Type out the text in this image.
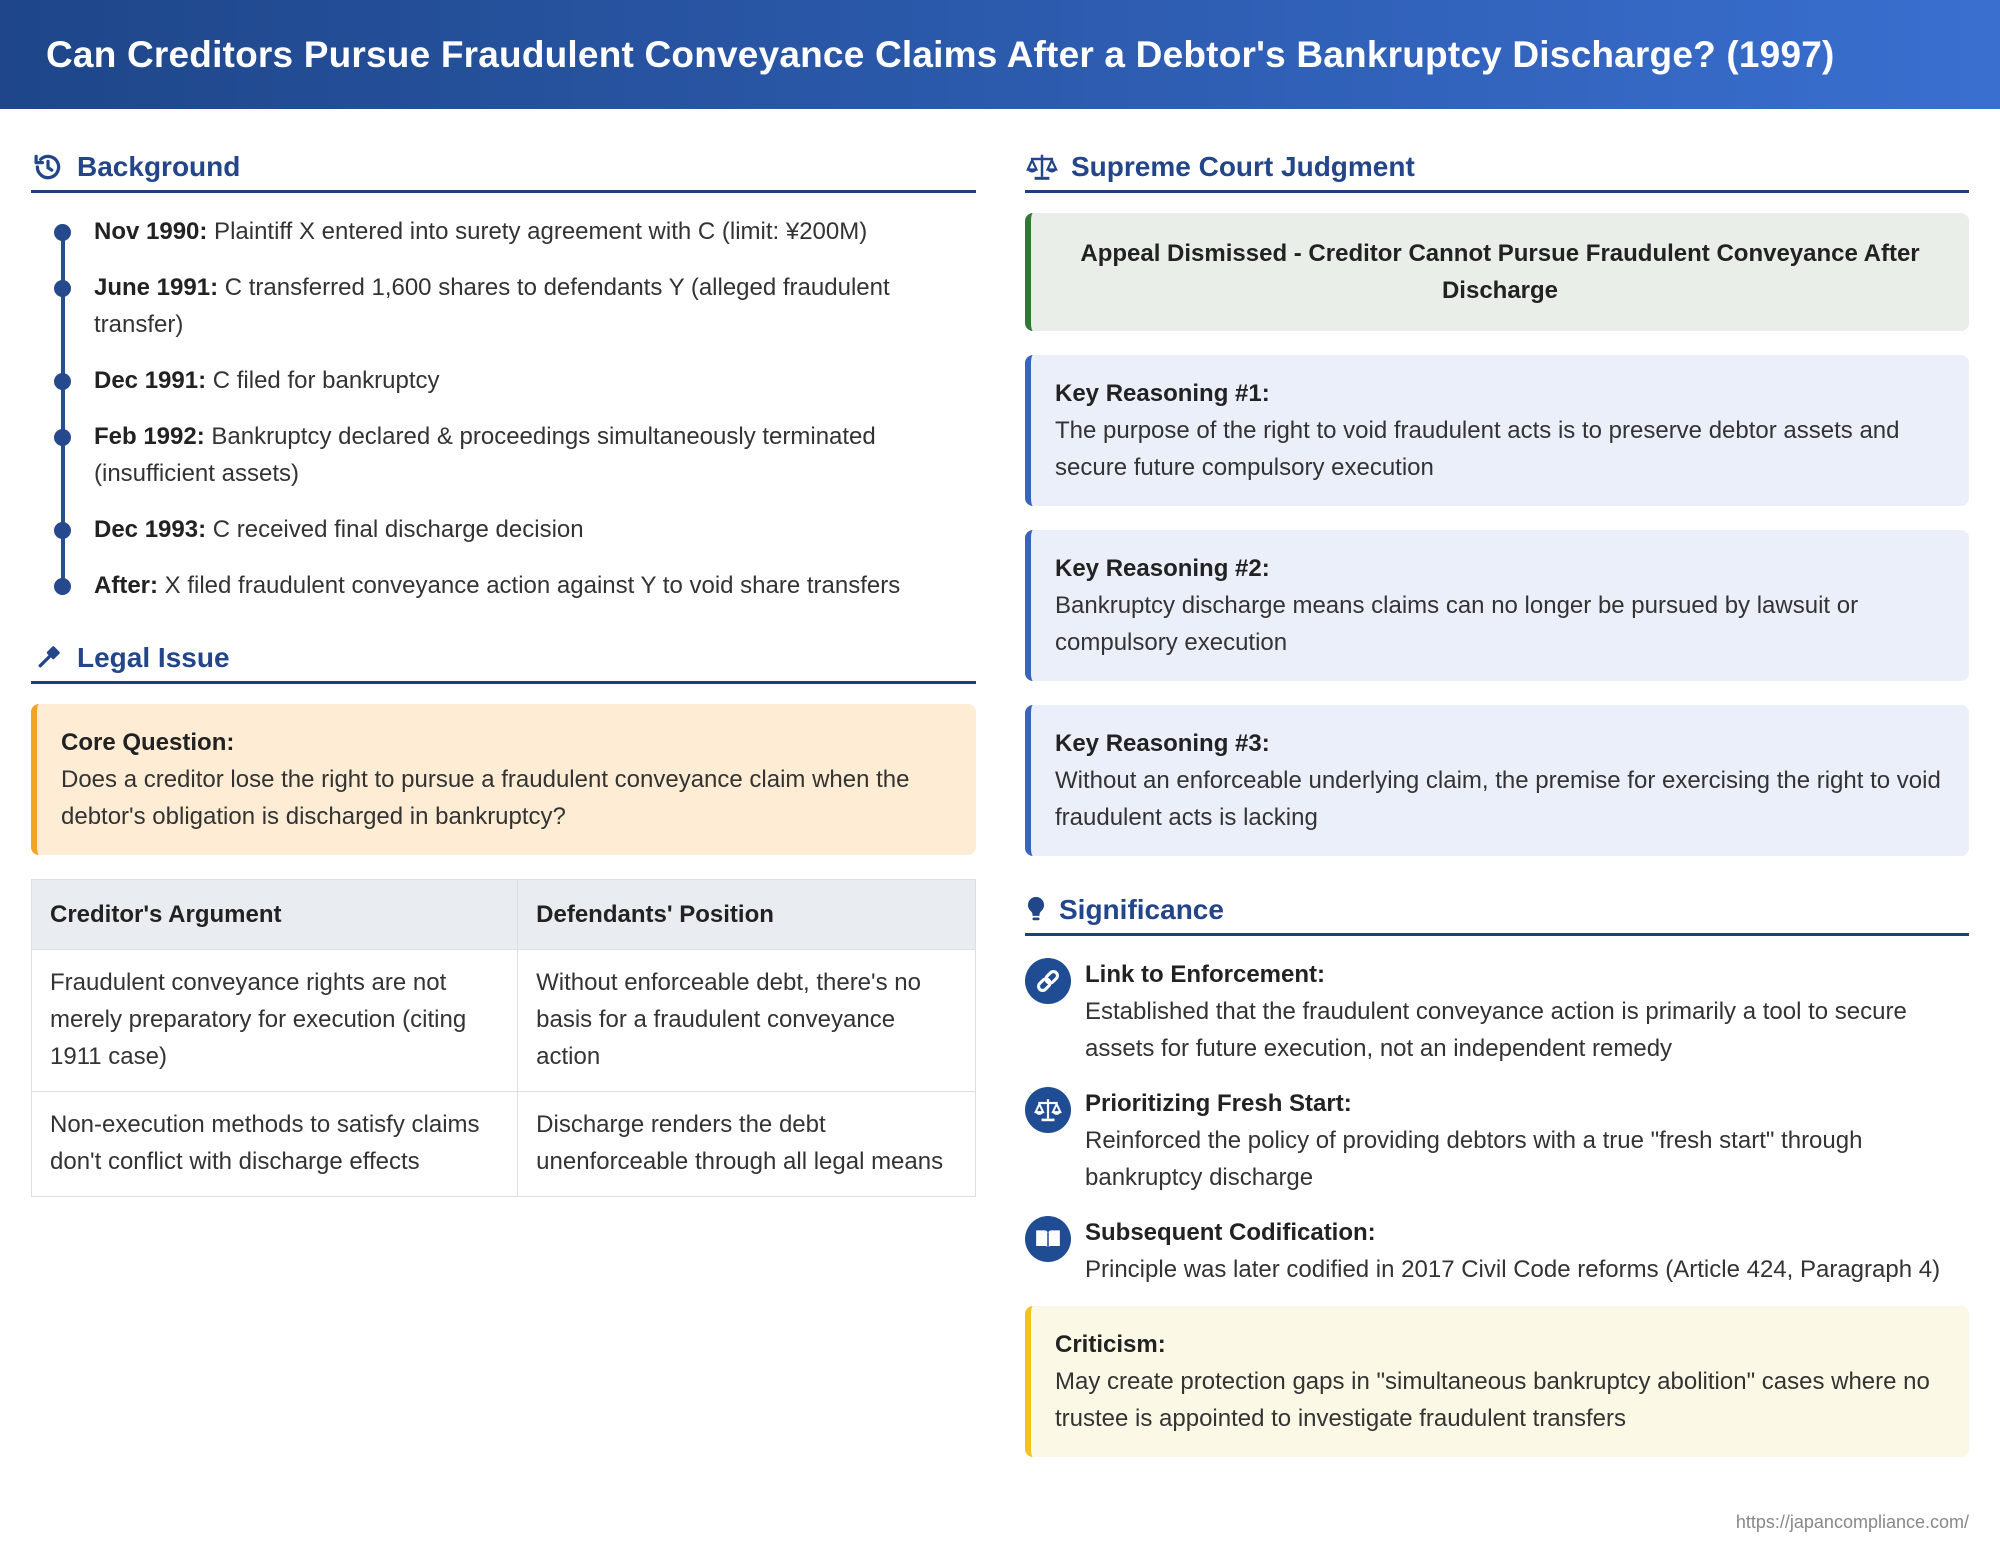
Can Creditors Pursue Fraudulent Conveyance Claims After a Debtor's Bankruptcy Discharge? (1997)
Background
Nov 1990: Plaintiff X entered into surety agreement with C (limit: ¥200M)
June 1991: C transferred 1,600 shares to defendants Y (alleged fraudulent transfer)
Dec 1991: C filed for bankruptcy
Feb 1992: Bankruptcy declared & proceedings simultaneously terminated (insufficient assets)
Dec 1993: C received final discharge decision
After: X filed fraudulent conveyance action against Y to void share transfers
Legal Issue
Core Question:
Does a creditor lose the right to pursue a fraudulent conveyance claim when the debtor's obligation is discharged in bankruptcy?
Creditor's Argument	Defendants' Position
Fraudulent conveyance rights are not merely preparatory for execution (citing 1911 case)	Without enforceable debt, there's no basis for a fraudulent conveyance action
Non-execution methods to satisfy claims don't conflict with discharge effects	Discharge renders the debt unenforceable through all legal means
Supreme Court Judgment
Appeal Dismissed - Creditor Cannot Pursue Fraudulent Conveyance After Discharge
Key Reasoning #1:
The purpose of the right to void fraudulent acts is to preserve debtor assets and secure future compulsory execution
Key Reasoning #2:
Bankruptcy discharge means claims can no longer be pursued by lawsuit or compulsory execution
Key Reasoning #3:
Without an enforceable underlying claim, the premise for exercising the right to void fraudulent acts is lacking
Significance
Link to Enforcement:
Established that the fraudulent conveyance action is primarily a tool to secure assets for future execution, not an independent remedy
Prioritizing Fresh Start:
Reinforced the policy of providing debtors with a true "fresh start" through bankruptcy discharge
Subsequent Codification:
Principle was later codified in 2017 Civil Code reforms (Article 424, Paragraph 4)
Criticism:
May create protection gaps in "simultaneous bankruptcy abolition" cases where no trustee is appointed to investigate fraudulent transfers
https://japancompliance.com/
